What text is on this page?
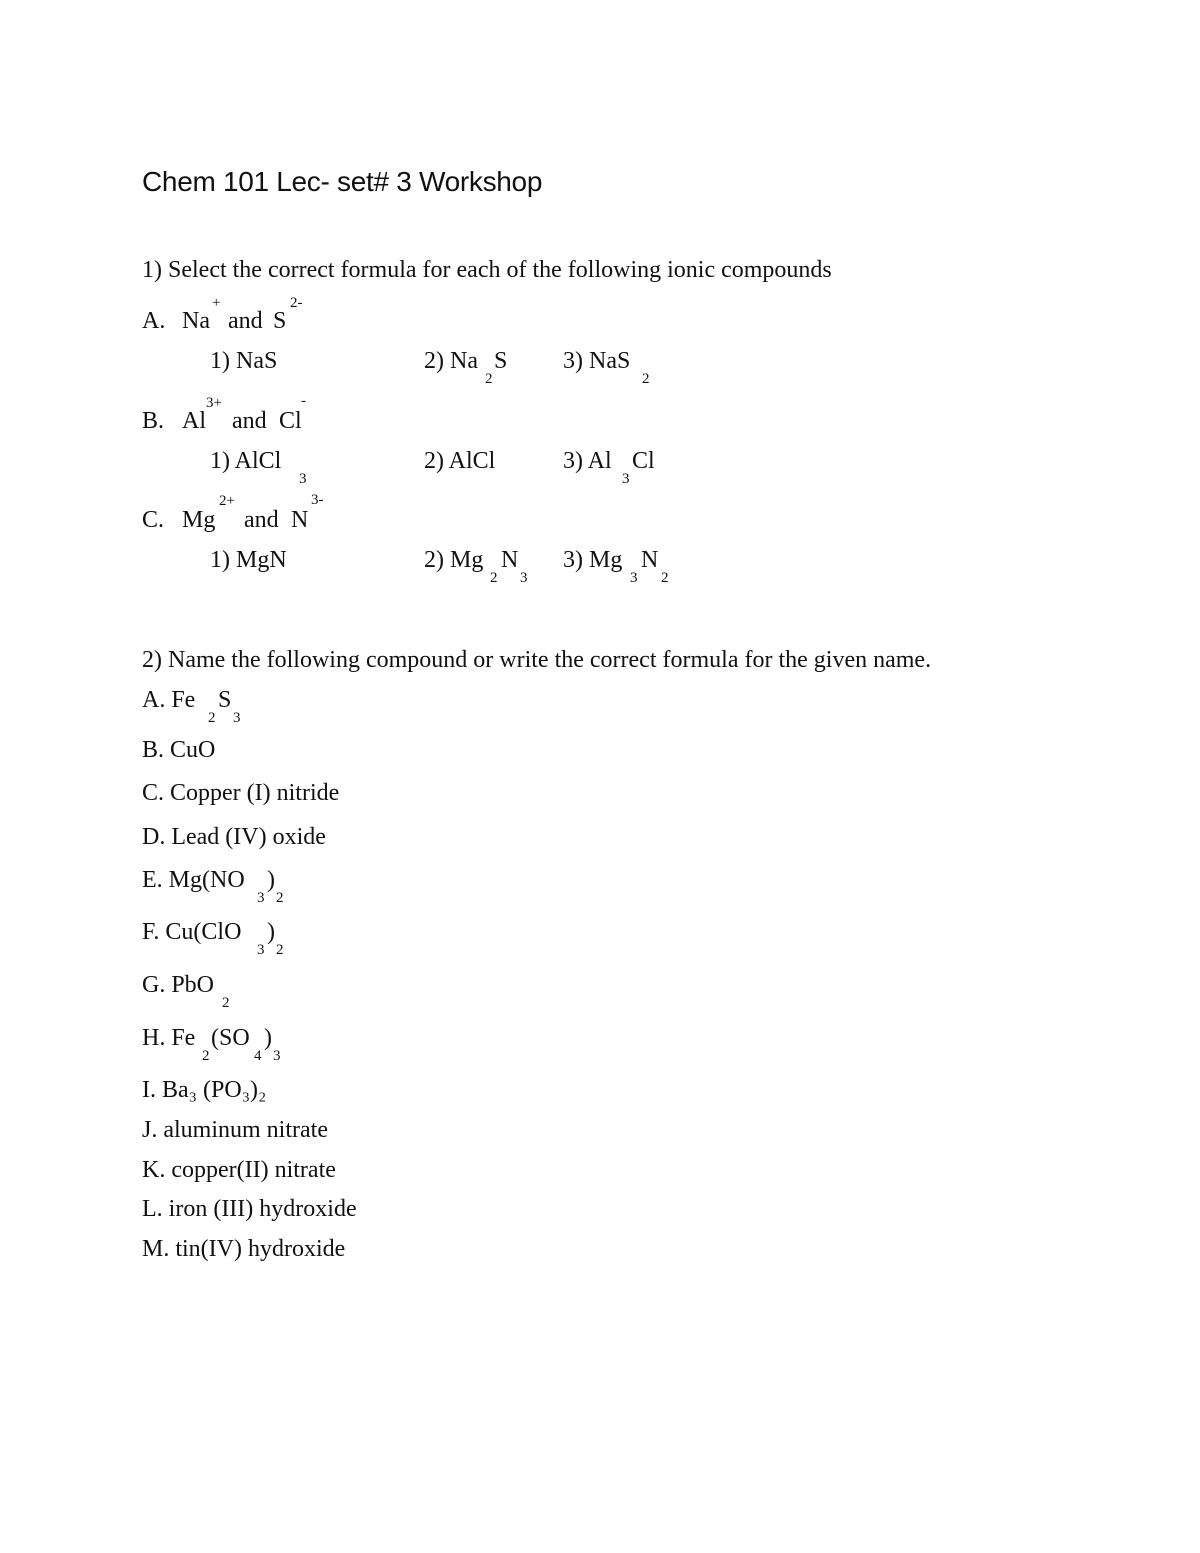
Chem 101 Lec- set# 3 Workshop
1) Select the correct formula for each of the following ionic compounds
A. Na
+
and S
2-
1) NaS	2) Na
2
S 3) NaS
2
B. Al
3+
and Cl
-
1) AlCl
3
2) AlCl	3) Al Cl
3
C. Mg
2+
and N
3-
1) MgN	2) Mg
2
N
3
3) Mg
3
N
2
2) Name the following compound or write the correct formula for the given name.
A. Fe
2
S
3
B. CuO
C. Copper (I) nitride
D. Lead (IV) oxide
E. Mg(NO
3
)
2
F. Cu(ClO
3
)
2
G. PbO
2
H. Fe
2
(SO
4
)
3
I. Ba₃ (PO₃)₂
J. aluminum nitrate
K. copper(II) nitrate
L. iron (III) hydroxide
M. tin(IV) hydroxide
